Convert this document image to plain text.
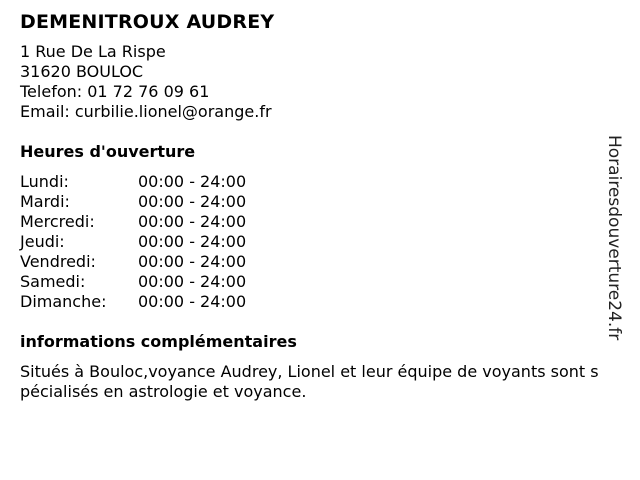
DEMENITROUX AUDREY
1 Rue De La Rispe
31620 BOULOC
Telefon: 01 72 76 09 61
Email: curbilie.lionel@orange.fr
Heures d'ouverture
Lundi:	00:00 - 24:00
Mardi:	00:00 - 24:00
Mercredi:	00:00 - 24:00
Jeudi:	00:00 - 24:00
Vendredi:	00:00 - 24:00
Samedi:	00:00 - 24:00
Dimanche:	00:00 - 24:00
informations complémentaires
Situés à Bouloc,voyance Audrey, Lionel et leur équipe de voyants sont spécialisés en astrologie et voyance.
Horairesdouverture24.fr
